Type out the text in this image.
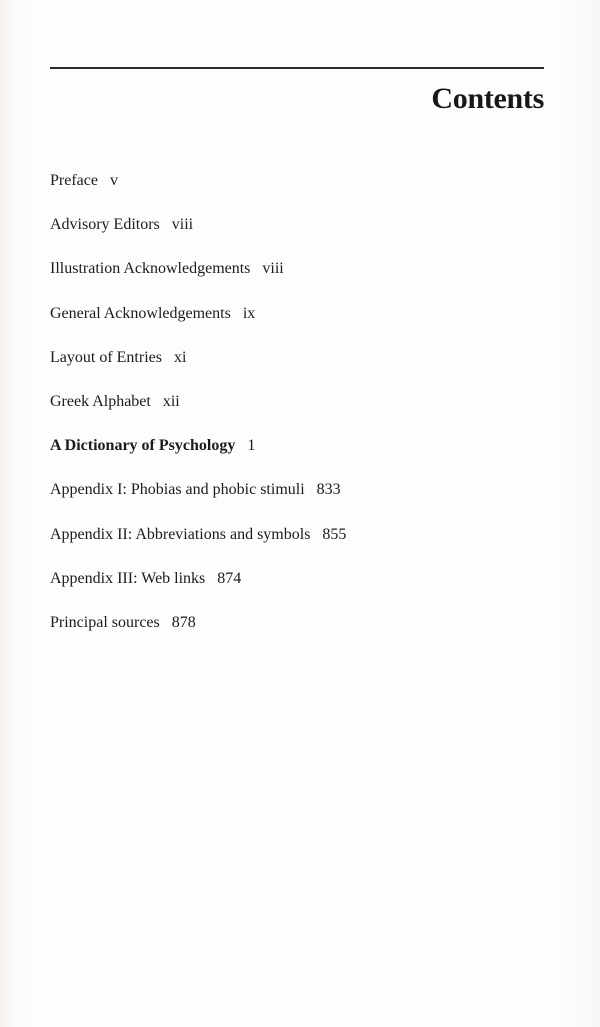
Contents
Preface v
Advisory Editors viii
Illustration Acknowledgements viii
General Acknowledgements ix
Layout of Entries xi
Greek Alphabet xii
A Dictionary of Psychology 1
Appendix I: Phobias and phobic stimuli 833
Appendix II: Abbreviations and symbols 855
Appendix III: Web links 874
Principal sources 878
